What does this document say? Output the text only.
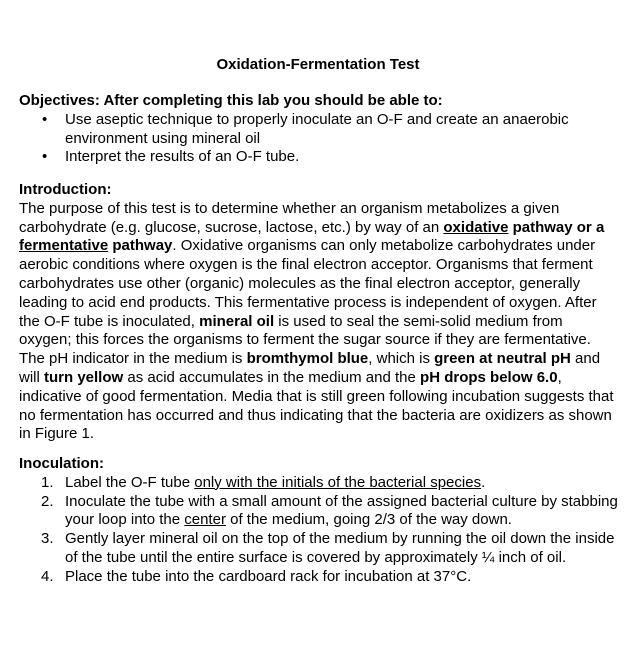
Oxidation-Fermentation Test
Objectives: After completing this lab you should be able to:
• Use aseptic technique to properly inoculate an O-F and create an anaerobic environment using mineral oil
• Interpret the results of an O-F tube.
Introduction:

The purpose of this test is to determine whether an organism metabolizes a given carbohydrate (e.g. glucose, sucrose, lactose, etc.) by way of an oxidative pathway or a fermentative pathway. Oxidative organisms can only metabolize carbohydrates under aerobic conditions where oxygen is the final electron acceptor. Organisms that ferment carbohydrates use other (organic) molecules as the final electron acceptor, generally leading to acid end products. This fermentative process is independent of oxygen. After the O-F tube is inoculated, mineral oil is used to seal the semi-solid medium from oxygen; this forces the organisms to ferment the sugar source if they are fermentative. The pH indicator in the medium is bromthymol blue, which is green at neutral pH and will turn yellow as acid accumulates in the medium and the pH drops below 6.0, indicative of good fermentation. Media that is still green following incubation suggests that no fermentation has occurred and thus indicating that the bacteria are oxidizers as shown in Figure 1.

Inoculation:
1. Label the O-F tube only with the initials of the bacterial species.
2. Inoculate the tube with a small amount of the assigned bacterial culture by stabbing your loop into the center of the medium, going 2/3 of the way down.
3. Gently layer mineral oil on the top of the medium by running the oil down the inside of the tube until the entire surface is covered by approximately ¼ inch of oil.
4. Place the tube into the cardboard rack for incubation at 37°C.
